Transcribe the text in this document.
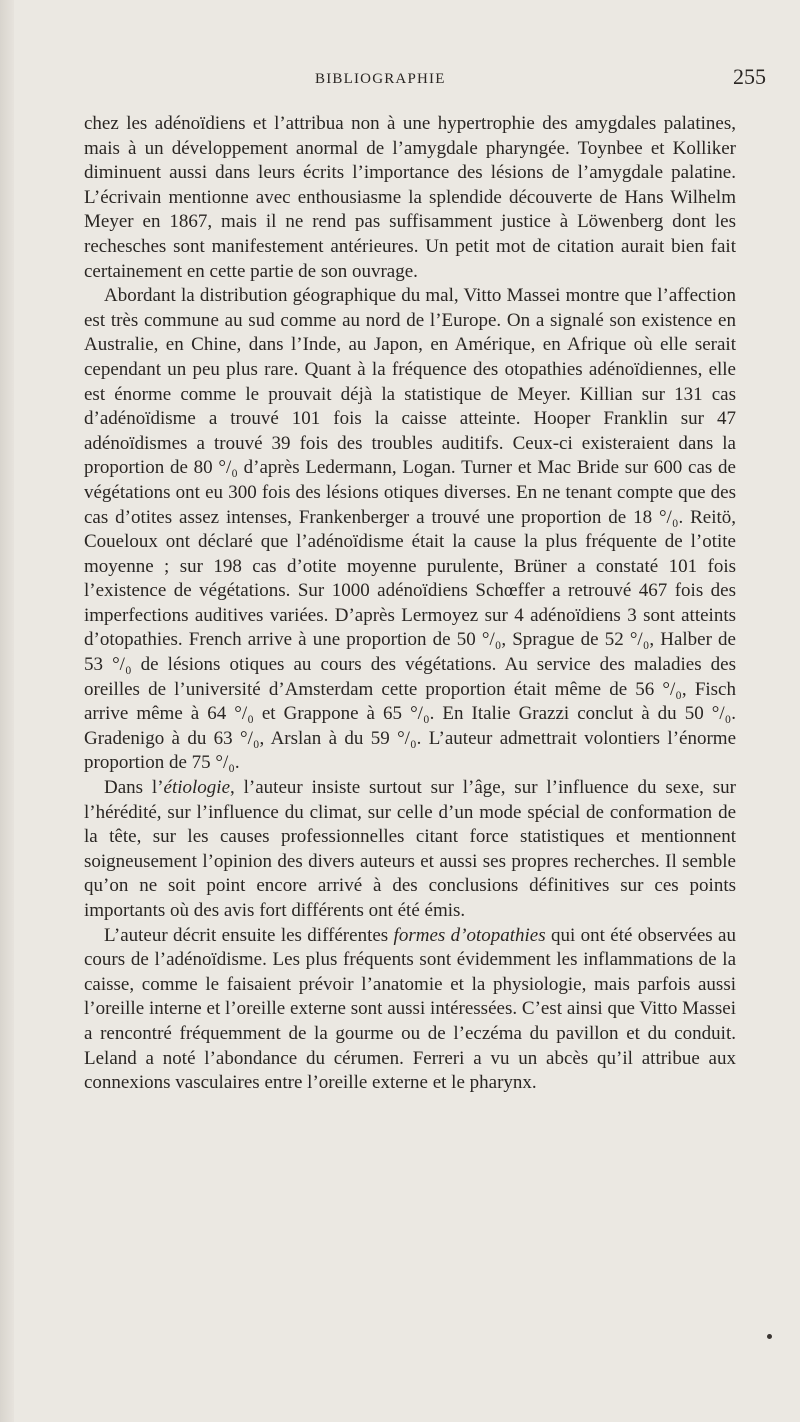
BIBLIOGRAPHIE	255

chez les adénoïdiens et l’attribua non à une hypertrophie des amygdales palatines, mais à un développement anormal de l’amygdale pharyngée. Toynbee et Kolliker diminuent aussi dans leurs écrits l’importance des lésions de l’amygdale palatine. L’écrivain mentionne avec enthousiasme la splendide découverte de Hans Wilhelm Meyer en 1867, mais il ne rend pas suffisamment justice à Löwenberg dont les rechesches sont manifestement antérieures. Un petit mot de citation aurait bien fait certainement en cette partie de son ouvrage.

Abordant la distribution géographique du mal, Vitto Massei montre que l’affection est très commune au sud comme au nord de l’Europe. On a signalé son existence en Australie, en Chine, dans l’Inde, au Japon, en Amérique, en Afrique où elle serait cependant un peu plus rare. Quant à la fréquence des otopathies adénoïdiennes, elle est énorme comme le prouvait déjà la statistique de Meyer. Killian sur 131 cas d’adénoïdisme a trouvé 101 fois la caisse atteinte. Hooper Franklin sur 47 adénoïdismes a trouvé 39 fois des troubles auditifs. Ceux-ci existeraient dans la proportion de 80 °/₀ d’après Ledermann, Logan. Turner et Mac Bride sur 600 cas de végétations ont eu 300 fois des lésions otiques diverses. En ne tenant compte que des cas d’otites assez intenses, Frankenberger a trouvé une proportion de 18 °/₀. Reitö, Coueloux ont déclaré que l’adénoïdisme était la cause la plus fréquente de l’otite moyenne ; sur 198 cas d’otite moyenne purulente, Brüner a constaté 101 fois l’existence de végétations. Sur 1000 adénoïdiens Schœffer a retrouvé 467 fois des imperfections auditives variées. D’après Lermoyez sur 4 adénoïdiens 3 sont atteints d’otopathies. French arrive à une proportion de 50 °/₀, Sprague de 52 °/₀, Halber de 53 °/₀ de lésions otiques au cours des végétations. Au service des maladies des oreilles de l’université d’Amsterdam cette proportion était même de 56 °/₀, Fisch arrive même à 64 °/₀ et Grappone à 65 °/₀. En Italie Grazzi conclut à du 50 °/₀. Gradenigo à du 63 °/₀, Arslan à du 59 °/₀. L’auteur admettrait volontiers l’énorme proportion de 75 °/₀.

Dans l’étiologie, l’auteur insiste surtout sur l’âge, sur l’influence du sexe, sur l’hérédité, sur l’influence du climat, sur celle d’un mode spécial de conformation de la tête, sur les causes professionnelles citant force statistiques et mentionnent soigneusement l’opinion des divers auteurs et aussi ses propres recherches. Il semble qu’on ne soit point encore arrivé à des conclusions définitives sur ces points importants où des avis fort différents ont été émis.

L’auteur décrit ensuite les différentes formes d’otopathies qui ont été observées au cours de l’adénoïdisme. Les plus fréquents sont évidemment les inflammations de la caisse, comme le faisaient prévoir l’anatomie et la physiologie, mais parfois aussi l’oreille interne et l’oreille externe sont aussi intéressées. C’est ainsi que Vitto Massei a rencontré fréquemment de la gourme ou de l’eczéma du pavillon et du conduit. Leland a noté l’abondance du cérumen. Ferreri a vu un abcès qu’il attribue aux connexions vasculaires entre l’oreille externe et le pharynx.
